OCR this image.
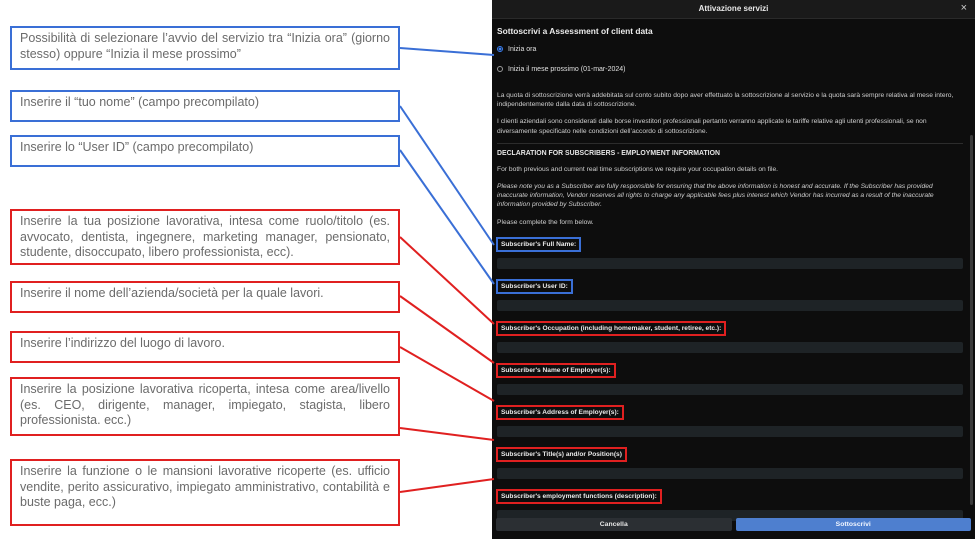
Possibilità di selezionare l’avvio del servizio tra “Inizia ora” (giorno stesso) oppure “Inizia il mese prossimo”
Inserire il “tuo nome” (campo precompilato)
Inserire lo “User ID” (campo precompilato)
Inserire la tua posizione lavorativa, intesa come ruolo/titolo (es. avvocato, dentista, ingegnere, marketing manager, pensionato, studente, disoccupato, libero professionista, ecc).
Inserire il nome dell’azienda/società per la quale lavori.
Inserire l’indirizzo del luogo di lavoro.
Inserire la posizione lavorativa ricoperta, intesa come area/livello (es. CEO, dirigente, manager, impiegato, stagista, libero professionista. ecc.)
Inserire la funzione o le mansioni lavorative ricoperte (es. ufficio vendite, perito assicurativo, impiegato amministrativo, contabilità e buste paga, ecc.)
Attivazione servizi	×
Sottoscrivi a Assessment of client data
Inizia ora
Inizia il mese prossimo (01-mar-2024)
La quota di sottoscrizione verrà addebitata sul conto subito dopo aver effettuato la sottoscrizione al servizio e la quota sarà sempre relativa al mese intero, indipendentemente dalla data di sottoscrizione.
I clienti aziendali sono considerati dalle borse investitori professionali pertanto verranno applicate le tariffe relative agli utenti professionali, se non diversamente specificato nelle condizioni dell’accordo di sottoscrizione.
DECLARATION FOR SUBSCRIBERS - EMPLOYMENT INFORMATION
For both previous and current real time subscriptions we require your occupation details on file.
Please note you as a Subscriber are fully responsible for ensuring that the above information is honest and accurate. If the Subscriber has provided inaccurate information, Vendor reserves all rights to charge any applicable fees plus interest which Vendor has incurred as a result of the inaccurate information provided by Subscriber.
Please complete the form below.
Subscriber's Full Name:
Subscriber's User ID:
Subscriber's Occupation (including homemaker, student, retiree, etc.):
Subscriber's Name of Employer(s):
Subscriber's Address of Employer(s):
Subscriber's Title(s) and/or Position(s)
Subscriber's employment functions (description):
Cancella	Sottoscrivi
